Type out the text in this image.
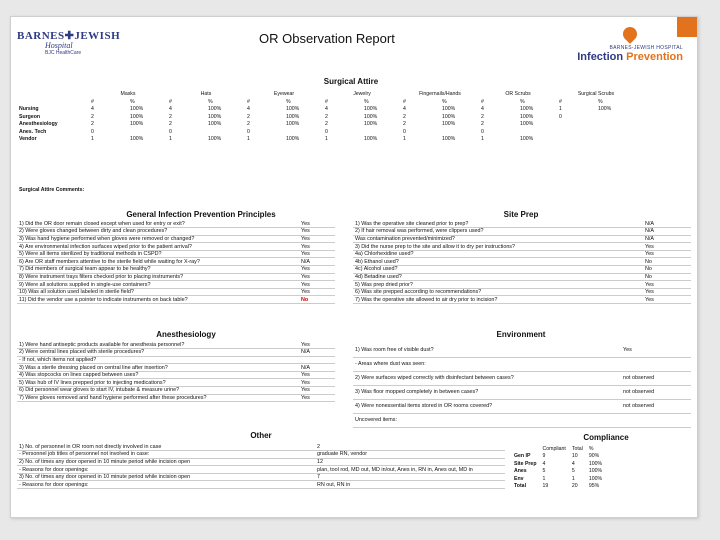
BARNES✚JEWISH
Hospital
BJC HealthCare
OR Observation Report
BARNES-JEWISH HOSPITAL
Infection Prevention
Surgical Attire
	Masks		Hats		Eyewear		Jewelry		Fingernails/Hands		OR Scrubs		Surgical Scrubs	
	#	%	#	%	#	%	#	%	#	%	#	%	#	%
Nursing	4	100%	4	100%	4	100%	4	100%	4	100%	4	100%	1	100%
Surgeon	2	100%	2	100%	2	100%	2	100%	2	100%	2	100%	0	
Anesthesiology	2	100%	2	100%	2	100%	2	100%	2	100%	2	100%		
Anes. Tech	0		0		0		0		0		0			
Vendor	1	100%	1	100%	1	100%	1	100%	1	100%	1	100%		
Surgical Attire Comments:
General Infection Prevention Principles
1) Did the OR door remain closed except when used for entry or exit?	Yes
2) Were gloves changed between dirty and clean procedures?	Yes
3) Was hand hygiene performed when gloves were removed or changed?	Yes
4) Are environmental infection surfaces wiped prior to the patient arrival?	Yes
5) Were all items sterilized by traditional methods in CSPD?	Yes
6) Are OR staff members attentive to the sterile field while waiting for X-ray?	N/A
7) Did members of surgical team appear to be healthy?	Yes
8) Were instrument trays filters checked prior to placing instruments?	Yes
9) Were all solutions supplied in single-use containers?	Yes
10) Was all solution used labeled in sterile field?	Yes
11) Did the vendor use a pointer to indicate instruments on back table?	No
Site Prep
1) Was the operative site cleaned prior to prep?	N/A
2) If hair removal was performed, were clippers used?	N/A
Was contamination prevented/minimized?	N/A
3) Did the nurse prep to the site and allow it to dry per instructions?	Yes
4a) Chlorhexidine used?	Yes
4b) Ethanol used?	No
4c) Alcohol used?	No
4d) Betadine used?	No
5) Was prep dried prior?	Yes
6) Was site prepped according to recommendations?	Yes
7) Was the operative site allowed to air dry prior to incision?	Yes
Anesthesiology
1) Were hand antiseptic products available for anesthesia personnel?	Yes
2) Were central lines placed with sterile procedures?	N/A
- If not, which items not applied?	
3) Was a sterile dressing placed on central line after insertion?	N/A
4) Was stopcocks on lines capped between uses?	Yes
5) Was hub of IV lines prepped prior to injecting medications?	Yes
6) Did personnel wear gloves to start IV, intubate & measure urine?	Yes
7) Were gloves removed and hand hygiene performed after these procedures?	Yes
Environment
1) Was room free of visible dust?	Yes
- Areas where dust was seen:	
2) Were surfaces wiped correctly with disinfectant between cases?	not observed
3) Was floor mopped completely in between cases?	not observed
4) Were nonessential items stored in OR rooms covered?	not observed
Uncovered items:	
Other
1) No. of personnel in OR room not directly involved in case	2
- Personnel job titles of personnel not involved in case:	graduate RN, vendor
2) No. of times any door opened in 10 minute period while incision open	12
- Reasons for door openings:	plan, tool rod, MD out, MD in/out, Anes in, RN in, Anes out, MD in
3) No. of times any door opened in 10 minute period while incision open	7
- Reasons for door openings:	RN out, RN in
Compliance
	Compliant	Total	%
Gen IP	9	10	90%
Site Prep	4	4	100%
Anes	5	5	100%
Env	1	1	100%
Total	19	20	95%
